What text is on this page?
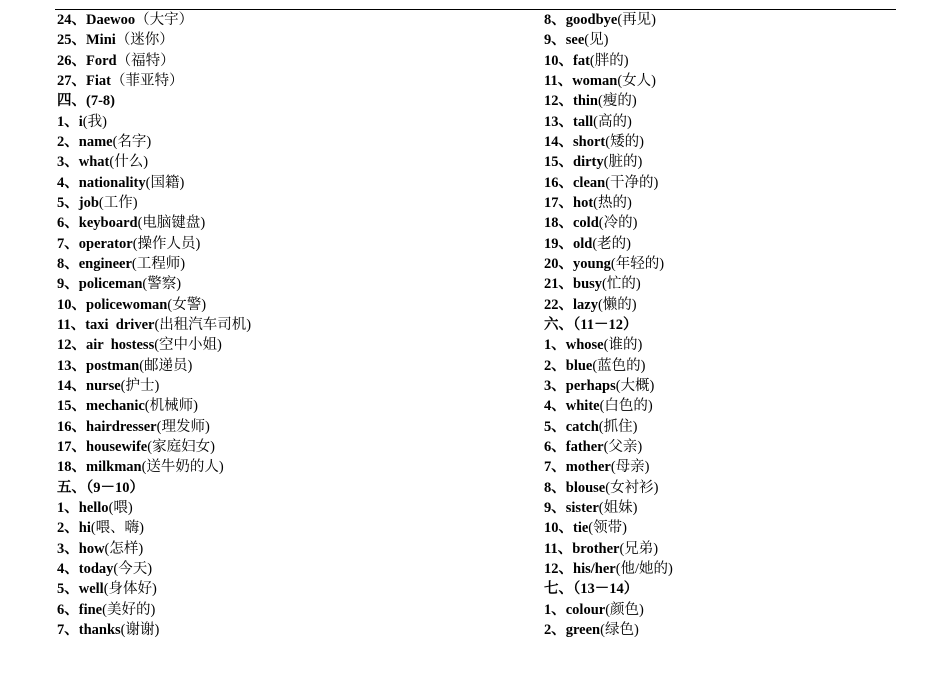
24、Daewoo（大宇）
25、Mini（迷你）
26、Ford（福特）
27、Fiat（菲亚特）
四、(7-8)
1、i(我)
2、name(名字)
3、what(什么)
4、nationality(国籍)
5、job(工作)
6、keyboard(电脑键盘)
7、operator(操作人员)
8、engineer(工程师)
9、policeman(警察)
10、policewoman(女警)
11、taxi  driver(出租汽车司机)
12、air  hostess(空中小姐)
13、postman(邮递员)
14、nurse(护士)
15、mechanic(机械师)
16、hairdresser(理发师)
17、housewife(家庭妇女)
18、milkman(送牛奶的人)
五、（9－10）
1、hello(喂)
2、hi(喂、嗨)
3、how(怎样)
4、today(今天)
5、well(身体好)
6、fine(美好的)
7、thanks(谢谢)
8、goodbye(再见)
9、see(见)
10、fat(胖的)
11、woman(女人)
12、thin(瘦的)
13、tall(高的)
14、short(矮的)
15、dirty(脏的)
16、clean(干净的)
17、hot(热的)
18、cold(冷的)
19、old(老的)
20、young(年轻的)
21、busy(忙的)
22、lazy(懒的)
六、（11－12）
1、whose(谁的)
2、blue(蓝色的)
3、perhaps(大概)
4、white(白色的)
5、catch(抓住)
6、father(父亲)
7、mother(母亲)
8、blouse(女衬衫)
9、sister(姐妹)
10、tie(领带)
11、brother(兄弟)
12、his/her(他/她的)
七、（13－14）
1、colour(颜色)
2、green(绿色)
